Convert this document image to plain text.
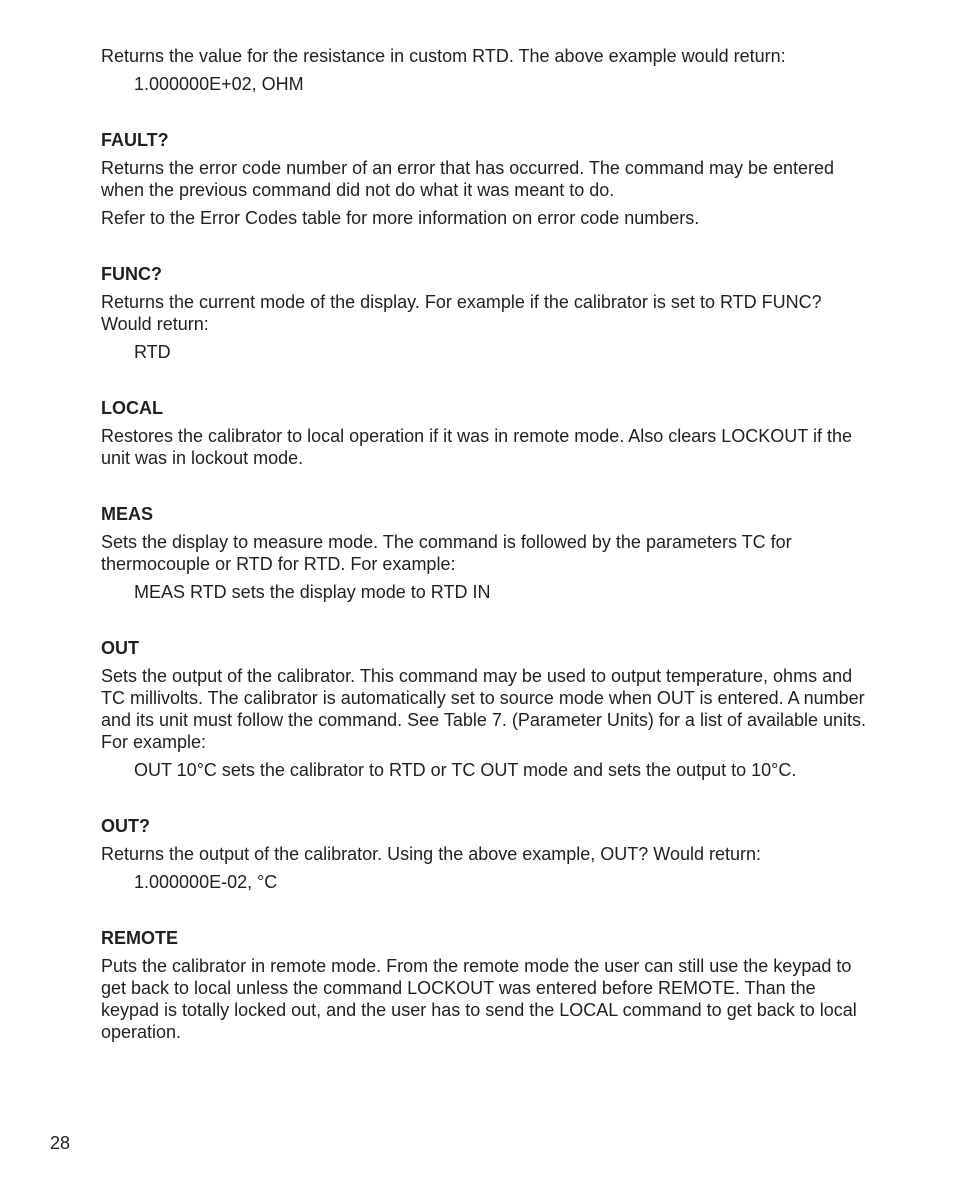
Returns the value for the resistance in custom RTD. The above example would return:

1.000000E+02, OHM

FAULT?

Returns the error code number of an error that has occurred. The command may be entered when the previous command did not do what it was meant to do.

Refer to the Error Codes table for more information on error code numbers.

FUNC?

Returns the current mode of the display. For example if the calibrator is set to RTD FUNC? Would return:

RTD

LOCAL

Restores the calibrator to local operation if it was in remote mode. Also clears LOCKOUT if the unit was in lockout mode.

MEAS

Sets the display to measure mode. The command is followed by the parameters TC for thermocouple or RTD for RTD. For example:

MEAS RTD sets the display mode to RTD IN

OUT

Sets the output of the calibrator. This command may be used to output temperature, ohms and TC millivolts. The calibrator is automatically set to source mode when OUT is entered. A number and its unit must follow the command. See Table 7. (Parameter Units) for a list of available units. For example:

OUT 10°C sets the calibrator to RTD or TC OUT mode and sets the output to 10°C.

OUT?

Returns the output of the calibrator. Using the above example, OUT? Would return:

1.000000E-02, °C

REMOTE

Puts the calibrator in remote mode. From the remote mode the user can still use the keypad to get back to local unless the command LOCKOUT was entered before REMOTE. Than the keypad is totally locked out, and the user has to send the LOCAL command to get back to local operation.

28
